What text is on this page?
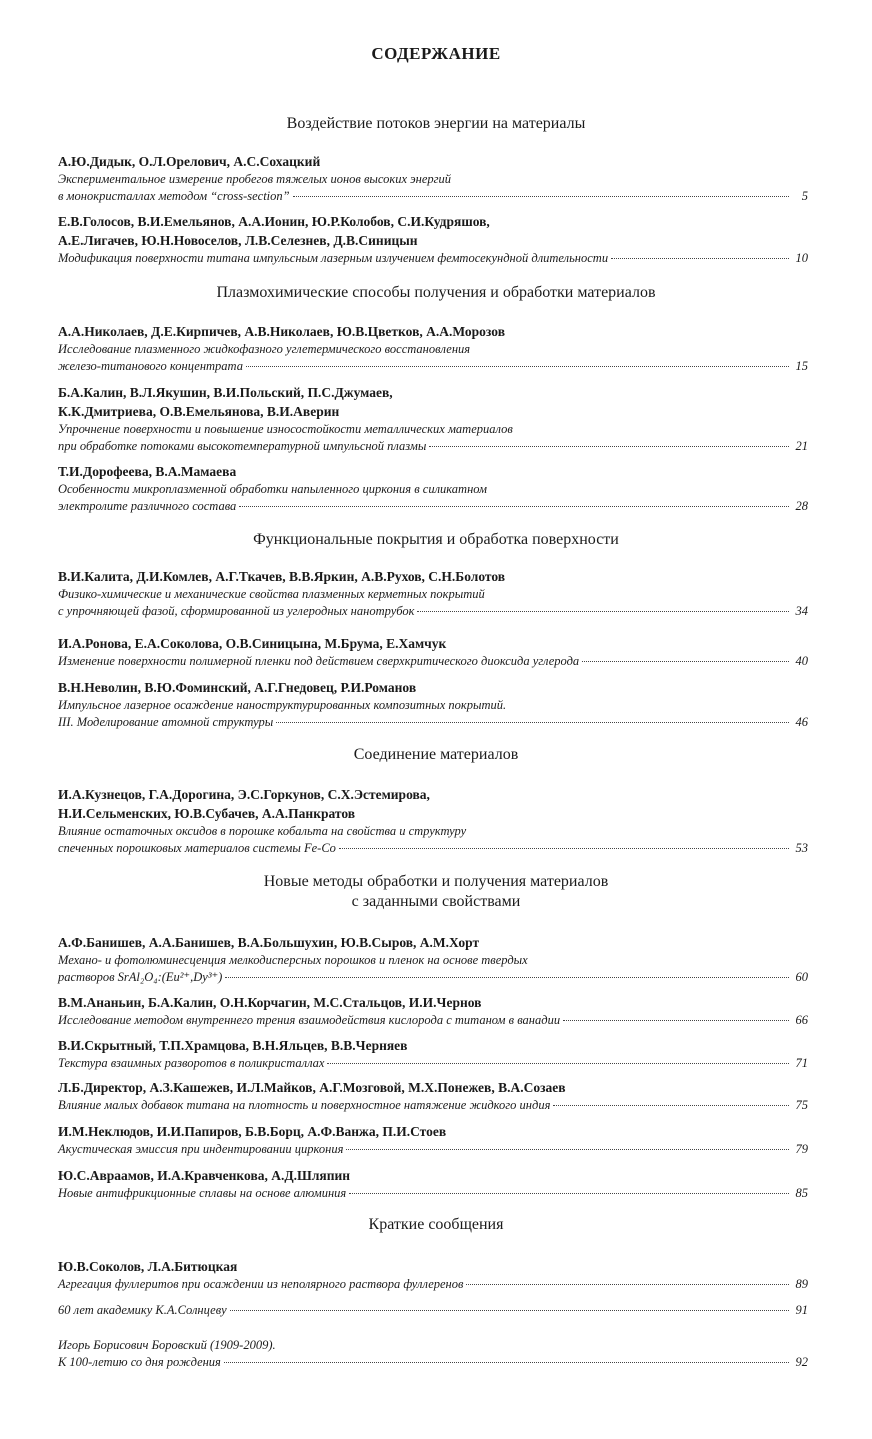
СОДЕРЖАНИЕ
Воздействие потоков энергии на материалы
А.Ю.Дидык, О.Л.Орелович, А.С.Сохацкий
Экспериментальное измерение пробегов тяжелых ионов высоких энергий
в монокристаллах методом “cross-section”	5
Е.В.Голосов, В.И.Емельянов, А.А.Ионин, Ю.Р.Колобов, С.И.Кудряшов,
А.Е.Лигачев, Ю.Н.Новоселов, Л.В.Селезнев, Д.В.Синицын
Модификация поверхности титана импульсным лазерным излучением фемтосекундной длительности	10
Плазмохимические способы получения и обработки материалов
А.А.Николаев, Д.Е.Кирпичев, А.В.Николаев, Ю.В.Цветков, А.А.Морозов
Исследование плазменного жидкофазного углетермического восстановления
железо-титанового концентрата	15
Б.А.Калин, В.Л.Якушин, В.И.Польский, П.С.Джумаев,
К.К.Дмитриева, О.В.Емельянова, В.И.Аверин
Упрочнение поверхности и повышение износостойкости металлических материалов
при обработке потоками высокотемпературной импульсной плазмы	21
Т.И.Дорофеева, В.А.Мамаева
Особенности микроплазменной обработки напыленного циркония в силикатном
электролите различного состава	28
Функциональные покрытия и обработка поверхности
В.И.Калита, Д.И.Комлев, А.Г.Ткачев, В.В.Яркин, А.В.Рухов, С.Н.Болотов
Физико-химические и механические свойства плазменных керметных покрытий
с упрочняющей фазой, сформированной из углеродных нанотрубок	34
И.А.Ронова, Е.А.Соколова, О.В.Синицына, М.Брума, Е.Хамчук
Изменение поверхности полимерной пленки под действием сверхкритического диоксида углерода	40
В.Н.Неволин, В.Ю.Фоминский, А.Г.Гнедовец, Р.И.Романов
Импульсное лазерное осаждение наноструктурированных композитных покрытий.
III. Моделирование атомной структуры	46
Соединение материалов
И.А.Кузнецов, Г.А.Дорогина, Э.С.Горкунов, С.Х.Эстемирова,
Н.И.Сельменских, Ю.В.Субачев, А.А.Панкратов
Влияние остаточных оксидов в порошке кобальта на свойства и структуру
спеченных порошковых материалов системы Fe-Co	53
Новые методы обработки и получения материалов
с заданными свойствами
А.Ф.Банишев, А.А.Банишев, В.А.Большухин, Ю.В.Сыров, А.М.Хорт
Механо- и фотолюминесценция мелкодисперсных порошков и пленок на основе твердых
растворов SrAl₂O₄:(Eu²⁺,Dy³⁺)	60
В.М.Ананьин, Б.А.Калин, О.Н.Корчагин, М.С.Стальцов, И.И.Чернов
Исследование методом внутреннего трения взаимодействия кислорода с титаном в ванадии	66
В.И.Скрытный, Т.П.Храмцова, В.Н.Яльцев, В.В.Черняев
Текстура взаимных разворотов в поликристаллах	71
Л.Б.Директор, А.З.Кашежев, И.Л.Майков, А.Г.Мозговой, М.Х.Понежев, В.А.Созаев
Влияние малых добавок титана на плотность и поверхностное натяжение жидкого индия	75
И.М.Неклюдов, И.И.Папиров, Б.В.Борц, А.Ф.Ванжа, П.И.Стоев
Акустическая эмиссия при индентировании циркония	79
Ю.С.Авраамов, И.А.Кравченкова, А.Д.Шляпин
Новые антифрикционные сплавы на основе алюминия	85
Краткие сообщения
Ю.В.Соколов, Л.А.Битюцкая
Агрегация фуллеритов при осаждении из неполярного раствора фуллеренов	89
60 лет академику К.А.Солнцеву	91
Игорь Борисович Боровский (1909-2009).
К 100-летию со дня рождения	92
